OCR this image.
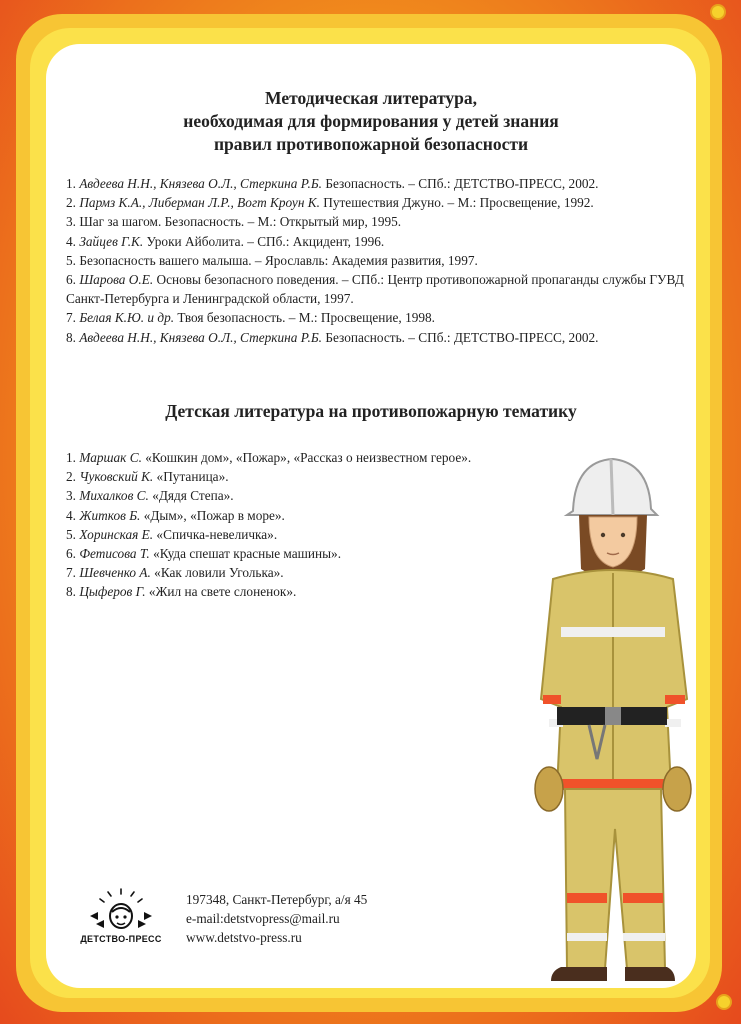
Методическая литература,
необходимая для формирования у детей знания
правил противопожарной безопасности
1. Авдеева Н.Н., Князева О.Л., Стеркина Р.Б. Безопасность. – СПб.: ДЕТСТВО-ПРЕСС, 2002.
2. Пармз К.А., Либерман Л.Р., Вогт Кроун К. Путешествия Джуно. – М.: Просвещение, 1992.
3. Шаг за шагом. Безопасность. – М.: Открытый мир, 1995.
4. Зайцев Г.К. Уроки Айболита. – СПб.: Акцидент, 1996.
5. Безопасность вашего малыша. – Ярославль: Академия развития, 1997.
6. Шарова О.Е. Основы безопасного поведения. – СПб.: Центр противопожарной пропаганды службы ГУВД Санкт-Петербурга и Ленинградской области, 1997.
7. Белая К.Ю. и др. Твоя безопасность. – М.: Просвещение, 1998.
8. Авдеева Н.Н., Князева О.Л., Стеркина Р.Б. Безопасность. – СПб.: ДЕТСТВО-ПРЕСС, 2002.
Детская литература на противопожарную тематику
1. Маршак С. «Кошкин дом», «Пожар», «Рассказ о неизвестном герое».
2. Чуковский К. «Путаница».
3. Михалков С. «Дядя Степа».
4. Житков Б. «Дым», «Пожар в море».
5. Хоринская Е. «Спичка-невеличка».
6. Фетисова Т. «Куда спешат красные машины».
7. Шевченко А. «Как ловили Уголька».
8. Цыферов Г. «Жил на свете слоненок».
ДЕТСТВО-ПРЕСС
197348, Санкт-Петербург, а/я 45
e-mail:detstvopress@mail.ru
www.detstvo-press.ru
